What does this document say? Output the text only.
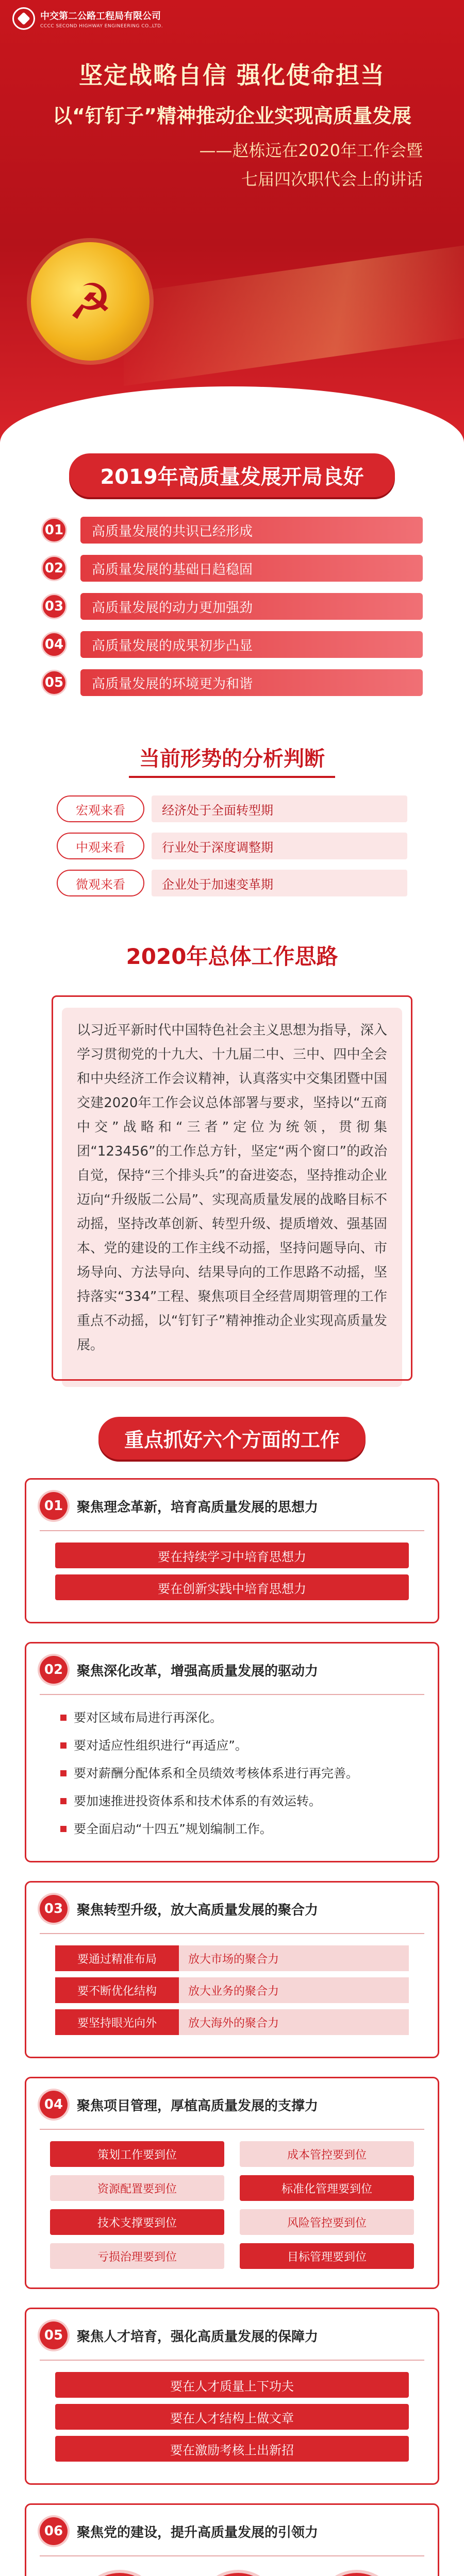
中交第二公路工程局有限公司
CCCC SECOND HIGHWAY ENGINEERING CO.,LTD.
坚定战略自信 强化使命担当
以“钉钉子”精神推动企业实现高质量发展
——赵栋远在2020年工作会暨
七届四次职代会上的讲话
☭
2019年高质量发展开局良好
01	高质量发展的共识已经形成
02	高质量发展的基础日趋稳固
03	高质量发展的动力更加强劲
04	高质量发展的成果初步凸显
05	高质量发展的环境更为和谐
当前形势的分析判断
宏观来看	经济处于全面转型期
中观来看	行业处于深度调整期
微观来看	企业处于加速变革期
2020年总体工作思路
以习近平新时代中国特色社会主义思想为指导，深入学习贯彻党的十九大、十九届二中、三中、四中全会和中央经济工作会议精神，认真落实中交集团暨中国交建2020年工作会议总体部署与要求，坚持以“五商中交”战略和“三者”定位为统领，贯彻集团“123456”的工作总方针，坚定“两个窗口”的政治自觉，保持“三个排头兵”的奋进姿态，坚持推动企业迈向“升级版二公局”、实现高质量发展的战略目标不动摇，坚持改革创新、转型升级、提质增效、强基固本、党的建设的工作主线不动摇，坚持问题导向、市场导向、方法导向、结果导向的工作思路不动摇，坚持落实“334”工程、聚焦项目全经营周期管理的工作重点不动摇，以“钉钉子”精神推动企业实现高质量发展。
重点抓好六个方面的工作
01	聚焦理念革新，培育高质量发展的思想力
要在持续学习中培育思想力
要在创新实践中培育思想力
02	聚焦深化改革，增强高质量发展的驱动力
要对区域布局进行再深化。
要对适应性组织进行“再适应”。
要对薪酬分配体系和全员绩效考核体系进行再完善。
要加速推进投资体系和技术体系的有效运转。
要全面启动“十四五”规划编制工作。
03	聚焦转型升级，放大高质量发展的聚合力
要通过精准布局	放大市场的聚合力
要不断优化结构	放大业务的聚合力
要坚持眼光向外	放大海外的聚合力
04	聚焦项目管理，厚植高质量发展的支撑力
策划工作要到位	成本管控要到位
资源配置要到位	标准化管理要到位
技术支撑要到位	风险管控要到位
亏损治理要到位	目标管理要到位
05	聚焦人才培育，强化高质量发展的保障力
要在人才质量上下功夫
要在人才结构上做文章
要在激励考核上出新招
06	聚焦党的建设，提升高质量发展的引领力
